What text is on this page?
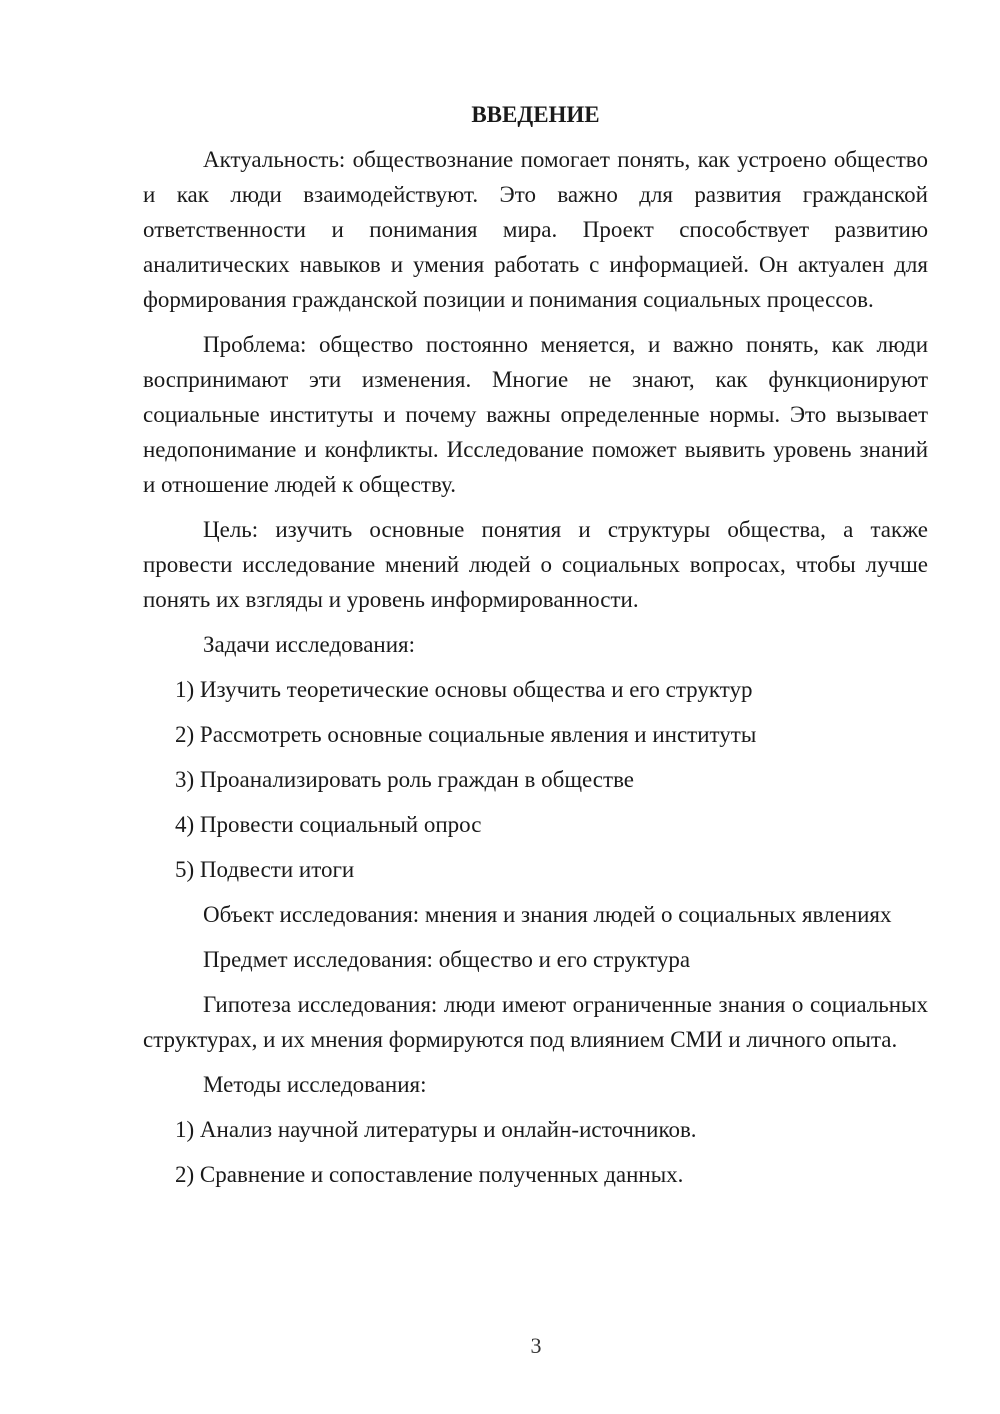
ВВЕДЕНИЕ
Актуальность: обществознание помогает понять, как устроено общество и как люди взаимодействуют. Это важно для развития гражданской ответственности и понимания мира. Проект способствует развитию аналитических навыков и умения работать с информацией. Он актуален для формирования гражданской позиции и понимания социальных процессов.
Проблема: общество постоянно меняется, и важно понять, как люди воспринимают эти изменения. Многие не знают, как функционируют социальные институты и почему важны определенные нормы. Это вызывает недопонимание и конфликты. Исследование поможет выявить уровень знаний и отношение людей к обществу.
Цель: изучить основные понятия и структуры общества, а также провести исследование мнений людей о социальных вопросах, чтобы лучше понять их взгляды и уровень информированности.
Задачи исследования:
1) Изучить теоретические основы общества и его структур
2) Рассмотреть основные социальные явления и институты
3) Проанализировать роль граждан в обществе
4) Провести социальный опрос
5) Подвести итоги
Объект исследования: мнения и знания людей о социальных явлениях
Предмет исследования: общество и его структура
Гипотеза исследования: люди имеют ограниченные знания о социальных структурах, и их мнения формируются под влиянием СМИ и личного опыта.
Методы исследования:
1) Анализ научной литературы и онлайн-источников.
2) Сравнение и сопоставление полученных данных.
3
